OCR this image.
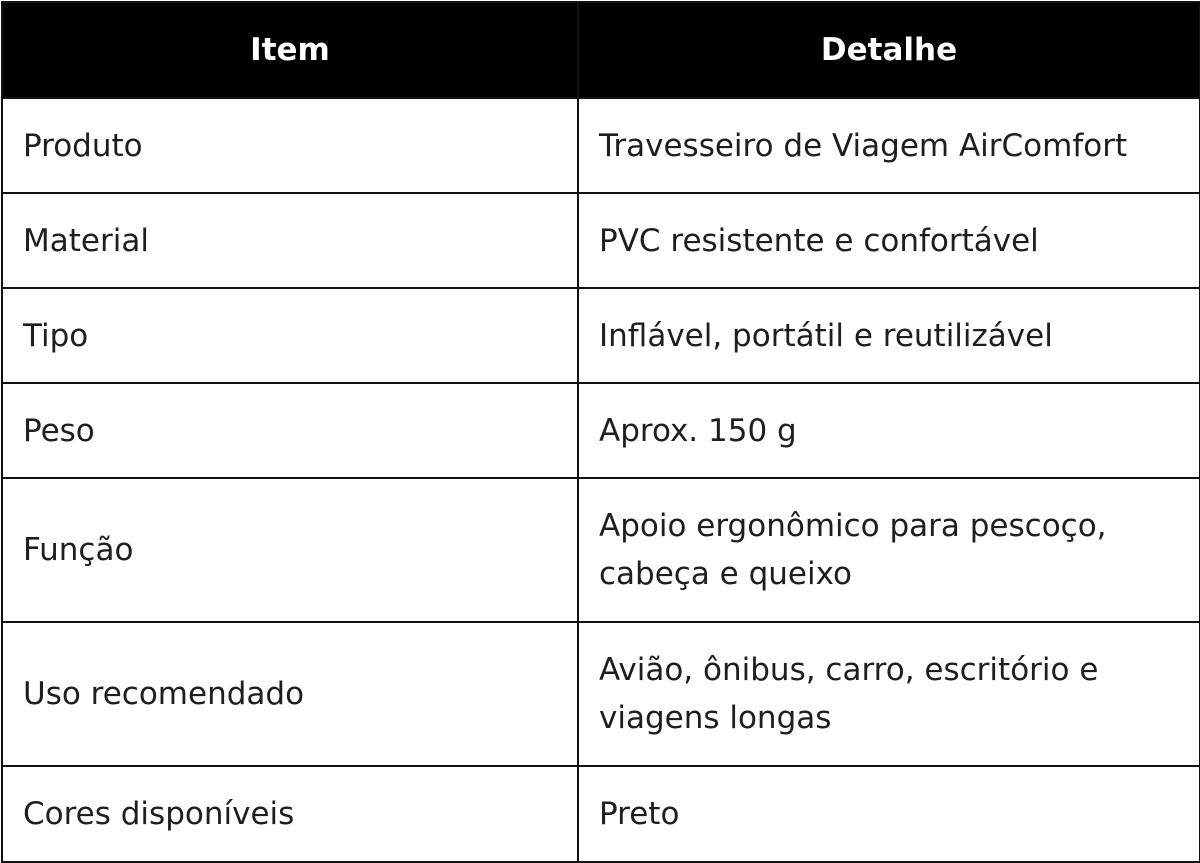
Item	Detalhe
Produto	Travesseiro de Viagem AirComfort
Material	PVC resistente e confortável
Tipo	Inflável, portátil e reutilizável
Peso	Aprox. 150 g
Função	Apoio ergonômico para pescoço, cabeça e queixo
Uso recomendado	Avião, ônibus, carro, escritório e viagens longas
Cores disponíveis	Preto
